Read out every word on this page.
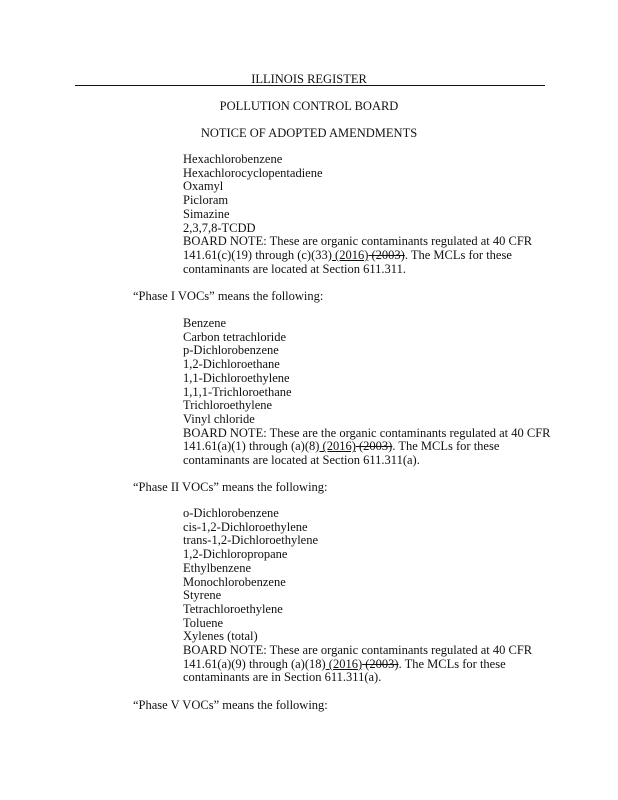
ILLINOIS REGISTER
POLLUTION CONTROL BOARD
NOTICE OF ADOPTED AMENDMENTS
Hexachlorobenzene
Hexachlorocyclopentadiene
Oxamyl
Picloram
Simazine
2,3,7,8-TCDD
BOARD NOTE: These are organic contaminants regulated at 40 CFR
141.61(c)(19) through (c)(33) (2016) (2003). The MCLs for these
contaminants are located at Section 611.311.
“Phase I VOCs” means the following:
Benzene
Carbon tetrachloride
p-Dichlorobenzene
1,2-Dichloroethane
1,1-Dichloroethylene
1,1,1-Trichloroethane
Trichloroethylene
Vinyl chloride
BOARD NOTE: These are the organic contaminants regulated at 40 CFR
141.61(a)(1) through (a)(8) (2016) (2003). The MCLs for these
contaminants are located at Section 611.311(a).
“Phase II VOCs” means the following:
o-Dichlorobenzene
cis-1,2-Dichloroethylene
trans-1,2-Dichloroethylene
1,2-Dichloropropane
Ethylbenzene
Monochlorobenzene
Styrene
Tetrachloroethylene
Toluene
Xylenes (total)
BOARD NOTE: These are organic contaminants regulated at 40 CFR
141.61(a)(9) through (a)(18) (2016) (2003). The MCLs for these
contaminants are in Section 611.311(a).
“Phase V VOCs” means the following:
